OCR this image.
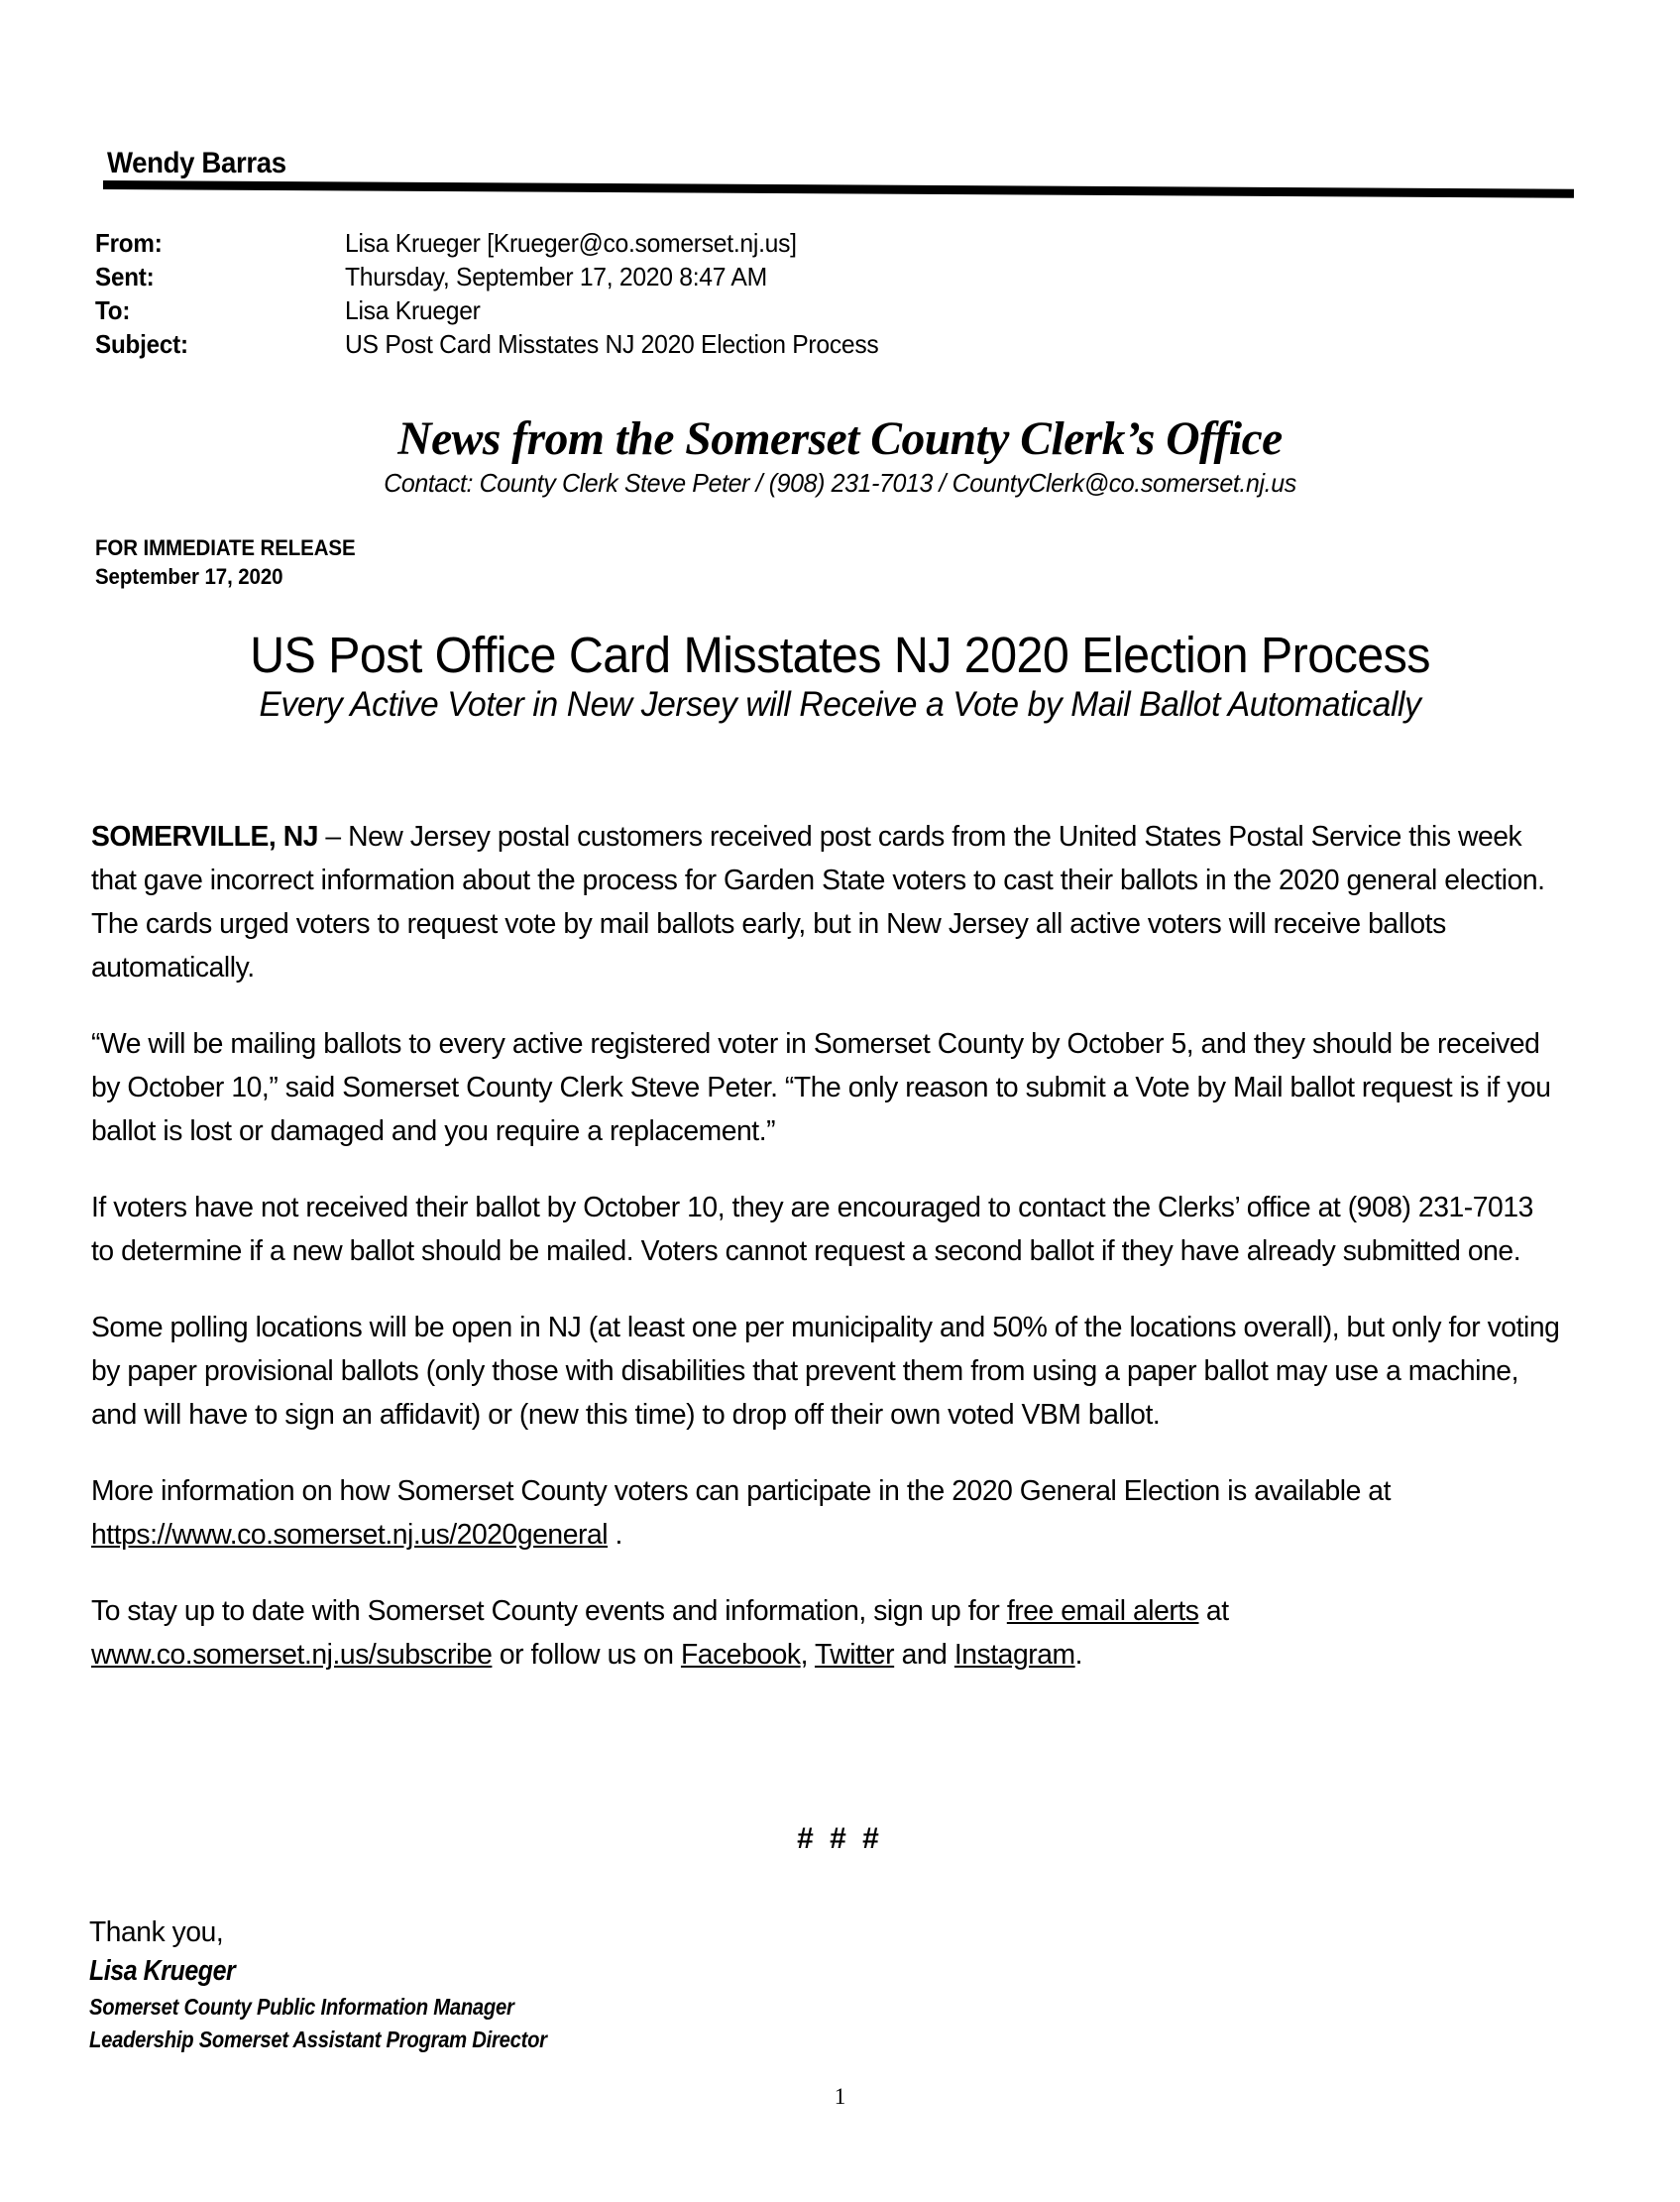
Wendy Barras
From:	Lisa Krueger [Krueger@co.somerset.nj.us]
Sent:	Thursday, September 17, 2020 8:47 AM
To:	Lisa Krueger
Subject:	US Post Card Misstates NJ 2020 Election Process
News from the Somerset County Clerk’s Office
Contact: County Clerk Steve Peter / (908) 231-7013 / CountyClerk@co.somerset.nj.us
FOR IMMEDIATE RELEASE
September 17, 2020
US Post Office Card Misstates NJ 2020 Election Process
Every Active Voter in New Jersey will Receive a Vote by Mail Ballot Automatically

SOMERVILLE, NJ – New Jersey postal customers received post cards from the United States Postal Service this week that gave incorrect information about the process for Garden State voters to cast their ballots in the 2020 general election. The cards urged voters to request vote by mail ballots early, but in New Jersey all active voters will receive ballots automatically.

“We will be mailing ballots to every active registered voter in Somerset County by October 5, and they should be received by October 10,” said Somerset County Clerk Steve Peter. “The only reason to submit a Vote by Mail ballot request is if you ballot is lost or damaged and you require a replacement.”

If voters have not received their ballot by October 10, they are encouraged to contact the Clerks’ office at (908) 231-7013 to determine if a new ballot should be mailed. Voters cannot request a second ballot if they have already submitted one.

Some polling locations will be open in NJ (at least one per municipality and 50% of the locations overall), but only for voting by paper provisional ballots (only those with disabilities that prevent them from using a paper ballot may use a machine, and will have to sign an affidavit) or (new this time) to drop off their own voted VBM ballot.

More information on how Somerset County voters can participate in the 2020 General Election is available at https://www.co.somerset.nj.us/2020general .

To stay up to date with Somerset County events and information, sign up for free email alerts at www.co.somerset.nj.us/subscribe or follow us on Facebook, Twitter and Instagram.

# # #
Thank you,
Lisa Krueger
Somerset County Public Information Manager
Leadership Somerset Assistant Program Director
1
